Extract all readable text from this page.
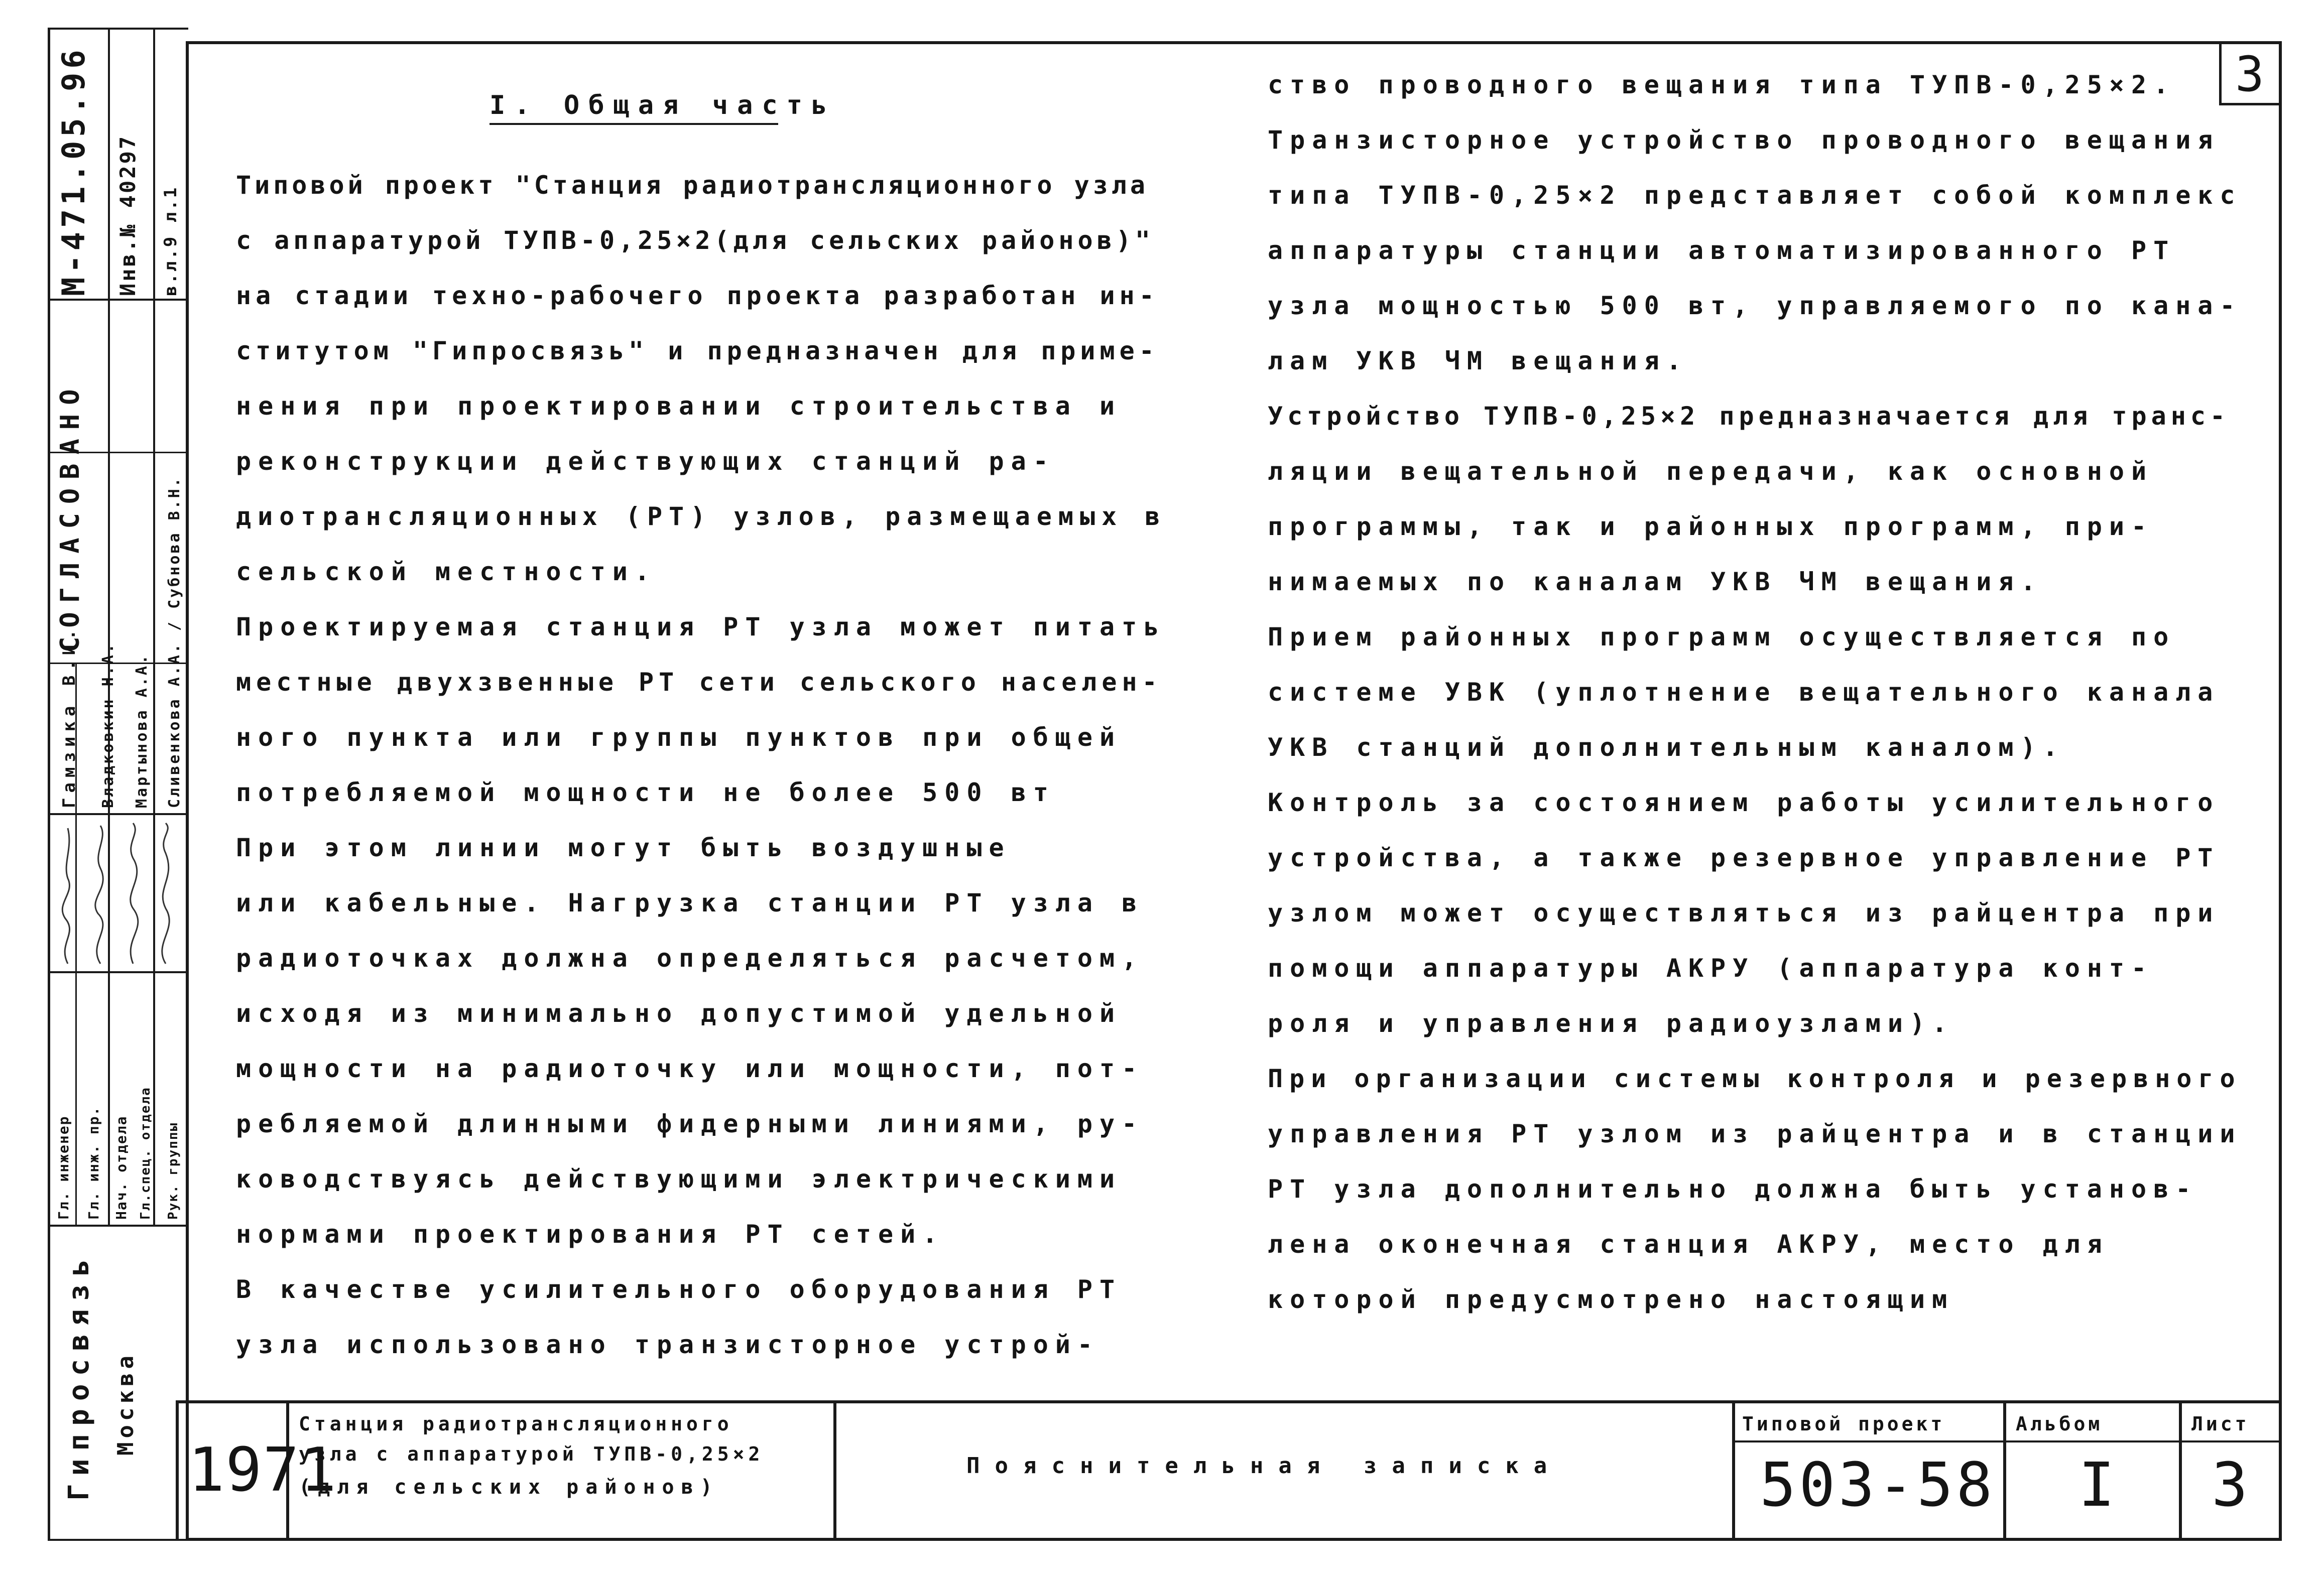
М-471.05.96 Инв.№ 40297 в.л.9 л.1
СОГЛАСОВАНО
Гамзика В.И. Владковкин Н.А. Мартынова А.А. Сливенкова А.А. / Субнова В.Н.
Гл. инженер Гл. инж. пр. Нач. отдела Гл.спец. отдела Рук. группы
Гипросвязь Москва
3
I. Общая часть
Типовой проект "Станция радиотрансляционного узла
с аппаратурой ТУПВ-0,25×2(для сельских районов)"
на стадии техно-рабочего проекта разработан ин-
ститутом "Гипросвязь" и предназначен для приме-
нения при проектировании строительства и
реконструкции действующих станций ра-
диотрансляционных (РТ) узлов, размещаемых в
сельской местности.
Проектируемая станция РТ узла может питать
местные двухзвенные РТ сети сельского населен-
ного пункта или группы пунктов при общей
потребляемой мощности не более 500 вт
При этом линии могут быть воздушные
или кабельные. Нагрузка станции РТ узла в
радиоточках должна определяться расчетом,
исходя из минимально допустимой удельной
мощности на радиоточку или мощности, пот-
ребляемой длинными фидерными линиями, ру-
ководствуясь действующими электрическими
нормами проектирования РТ сетей.
В качестве усилительного оборудования РТ
узла использовано транзисторное устрой-
ство проводного вещания типа ТУПВ-0,25×2.
Транзисторное устройство проводного вещания
типа ТУПВ-0,25×2 представляет собой комплекс
аппаратуры станции автоматизированного РТ
узла мощностью 500 вт, управляемого по кана-
лам УКВ ЧМ вещания.
Устройство ТУПВ-0,25×2 предназначается для транс-
ляции вещательной передачи, как основной
программы, так и районных программ, при-
нимаемых по каналам УКВ ЧМ вещания.
Прием районных программ осуществляется по
системе УВК (уплотнение вещательного канала
УКВ станций дополнительным каналом).
Контроль за состоянием работы усилительного
устройства, а также резервное управление РТ
узлом может осуществляться из райцентра при
помощи аппаратуры АКРУ (аппаратура конт-
роля и управления радиоузлами).
При организации системы контроля и резервного
управления РТ узлом из райцентра и в станции
РТ узла дополнительно должна быть установ-
лена оконечная станция АКРУ, место для
которой предусмотрено настоящим
1971
Станция радиотрансляционного
узла с аппаратурой ТУПВ-0,25×2
(для сельских районов)
Пояснительная записка
Типовой проект
503-58
Альбом
I
Лист
3
